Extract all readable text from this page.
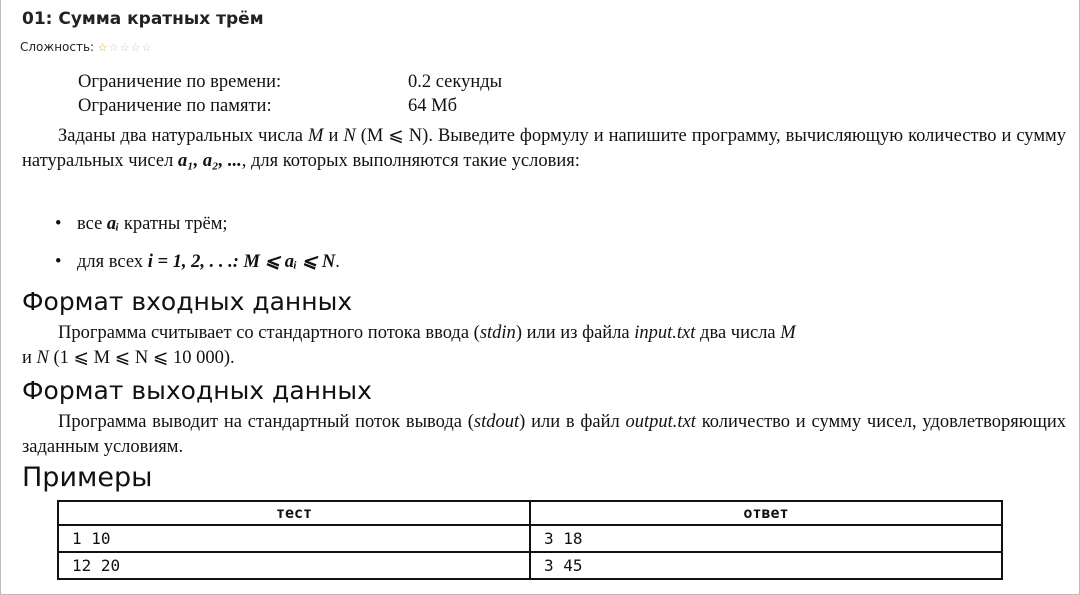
01: Сумма кратных трём
Сложность: ☆ ☆ ☆ ☆ ☆
Ограничение по времени:	0.2 секунды
Ограничение по памяти:	64 Мб
Заданы два натуральных числа M и N (M ⩽ N). Выведите формулу и напишите программу, вычисляющую количество и сумму натуральных чисел a₁, a₂, ..., для которых выполняются такие условия:
• все aᵢ кратны трём;
• для всех i = 1, 2, . . .: M ⩽ aᵢ ⩽ N.
Формат входных данных
Программа считывает со стандартного потока ввода (stdin) или из файла input.txt два числа M
и N (1 ⩽ M ⩽ N ⩽ 10 000).
Формат выходных данных
Программа выводит на стандартный поток вывода (stdout) или в файл output.txt количество и сумму чисел, удовлетворяющих заданным условиям.
Примеры
тест	ответ
1 10	3 18
12 20	3 45
